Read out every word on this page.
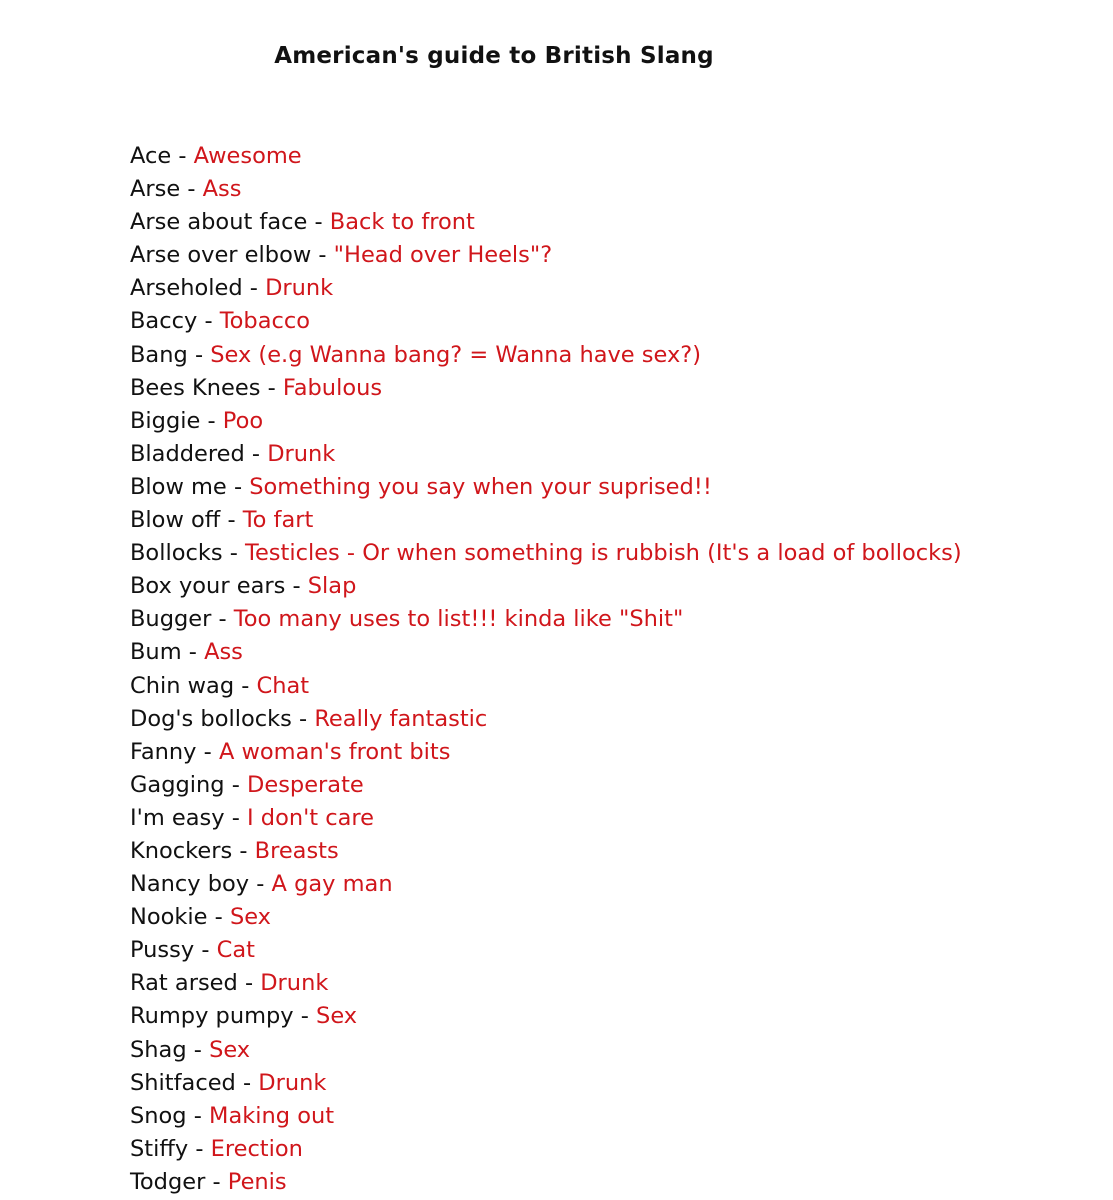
American's guide to British Slang
Ace - Awesome
Arse - Ass
Arse about face - Back to front
Arse over elbow - "Head over Heels"?
Arseholed - Drunk
Baccy - Tobacco
Bang - Sex (e.g Wanna bang? = Wanna have sex?)
Bees Knees - Fabulous
Biggie - Poo
Bladdered - Drunk
Blow me - Something you say when your suprised!!
Blow off - To fart
Bollocks - Testicles - Or when something is rubbish (It's a load of bollocks)
Box your ears - Slap
Bugger - Too many uses to list!!! kinda like "Shit"
Bum - Ass
Chin wag - Chat
Dog's bollocks - Really fantastic
Fanny - A woman's front bits
Gagging - Desperate
I'm easy - I don't care
Knockers - Breasts
Nancy boy - A gay man
Nookie - Sex
Pussy - Cat
Rat arsed - Drunk
Rumpy pumpy - Sex
Shag - Sex
Shitfaced - Drunk
Snog - Making out
Stiffy - Erection
Todger - Penis
